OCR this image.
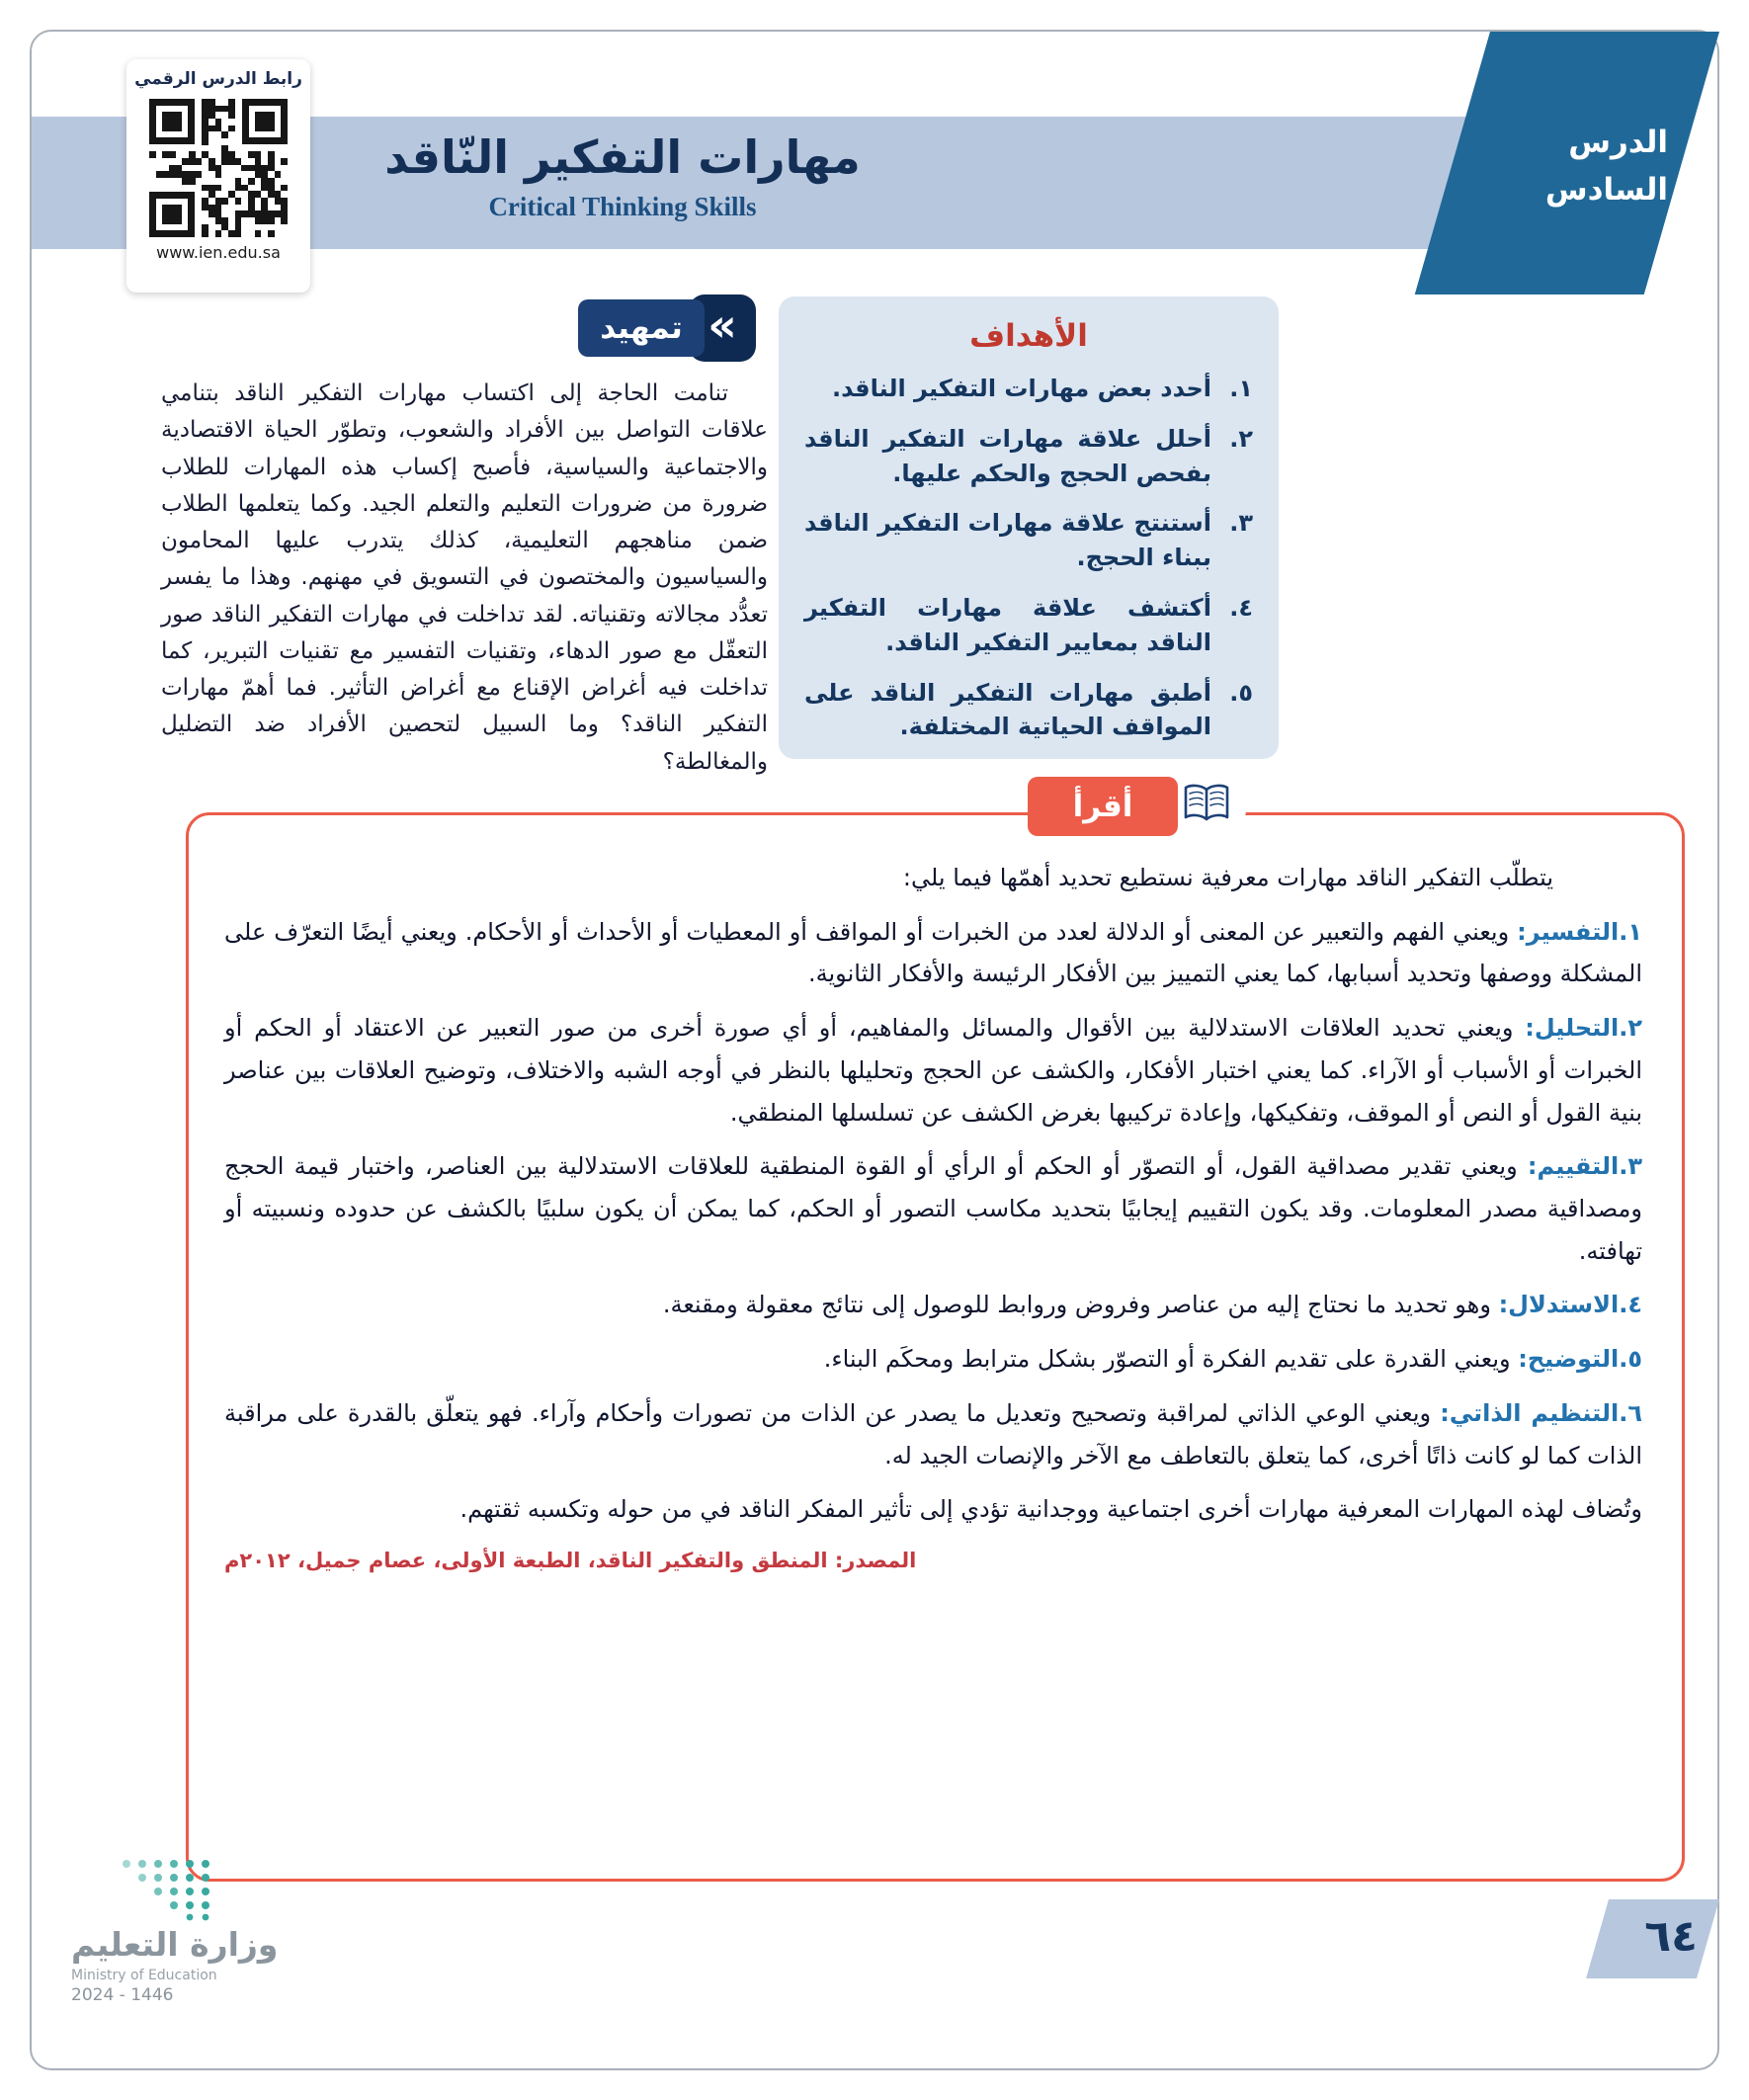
الدرس
السادس
مهارات التفكير النّاقد
Critical Thinking Skills
رابط الدرس الرقمي
www.ien.edu.sa
الأهداف
١.
أحدد بعض مهارات التفكير الناقد.
٢.
أحلل علاقة مهارات التفكير الناقد بفحص الحجج والحكم عليها.
٣.
أستنتج علاقة مهارات التفكير الناقد ببناء الحجج.
٤.
أكتشف علاقة مهارات التفكير الناقد بمعايير التفكير الناقد.
٥.
أطبق مهارات التفكير الناقد على المواقف الحياتية المختلفة.
«
تمهيد
تنامت الحاجة إلى اكتساب مهارات التفكير الناقد بتنامي علاقات التواصل بين الأفراد والشعوب، وتطوّر الحياة الاقتصادية والاجتماعية والسياسية، فأصبح إكساب هذه المهارات للطلاب ضرورة من ضرورات التعليم والتعلم الجيد. وكما يتعلمها الطلاب ضمن مناهجهم التعليمية، كذلك يتدرب عليها المحامون والسياسيون والمختصون في التسويق في مهنهم. وهذا ما يفسر تعدُّد مجالاته وتقنياته. لقد تداخلت في مهارات التفكير الناقد صور التعقّل مع صور الدهاء، وتقنيات التفسير مع تقنيات التبرير، كما تداخلت فيه أغراض الإقناع مع أغراض التأثير. فما أهمّ مهارات التفكير الناقد؟ وما السبيل لتحصين الأفراد ضد التضليل والمغالطة؟
أقرأ

يتطلّب التفكير الناقد مهارات معرفية نستطيع تحديد أهمّها فيما يلي:

١.التفسير: ويعني الفهم والتعبير عن المعنى أو الدلالة لعدد من الخبرات أو المواقف أو المعطيات أو الأحداث أو الأحكام. ويعني أيضًا التعرّف على المشكلة ووصفها وتحديد أسبابها، كما يعني التمييز بين الأفكار الرئيسة والأفكار الثانوية.

٢.التحليل: ويعني تحديد العلاقات الاستدلالية بين الأقوال والمسائل والمفاهيم، أو أي صورة أخرى من صور التعبير عن الاعتقاد أو الحكم أو الخبرات أو الأسباب أو الآراء. كما يعني اختبار الأفكار، والكشف عن الحجج وتحليلها بالنظر في أوجه الشبه والاختلاف، وتوضيح العلاقات بين عناصر بنية القول أو النص أو الموقف، وتفكيكها، وإعادة تركيبها بغرض الكشف عن تسلسلها المنطقي.

٣.التقييم: ويعني تقدير مصداقية القول، أو التصوّر أو الحكم أو الرأي أو القوة المنطقية للعلاقات الاستدلالية بين العناصر، واختبار قيمة الحجج ومصداقية مصدر المعلومات. وقد يكون التقييم إيجابيًا بتحديد مكاسب التصور أو الحكم، كما يمكن أن يكون سلبيًا بالكشف عن حدوده ونسبيته أو تهافته.

٤.الاستدلال: وهو تحديد ما نحتاج إليه من عناصر وفروض وروابط للوصول إلى نتائج معقولة ومقنعة.

٥.التوضيح: ويعني القدرة على تقديم الفكرة أو التصوّر بشكل مترابط ومحكَم البناء.

٦.التنظيم الذاتي: ويعني الوعي الذاتي لمراقبة وتصحيح وتعديل ما يصدر عن الذات من تصورات وأحكام وآراء. فهو يتعلّق بالقدرة على مراقبة الذات كما لو كانت ذاتًا أخرى، كما يتعلق بالتعاطف مع الآخر والإنصات الجيد له.

وتُضاف لهذه المهارات المعرفية مهارات أخرى اجتماعية ووجدانية تؤدي إلى تأثير المفكر الناقد في من حوله وتكسبه ثقتهم.

المصدر: المنطق والتفكير الناقد، الطبعة الأولى، عصام جميل، ٢٠١٢م

وزارة التعليم
Ministry of Education
2024 - 1446
٦٤
